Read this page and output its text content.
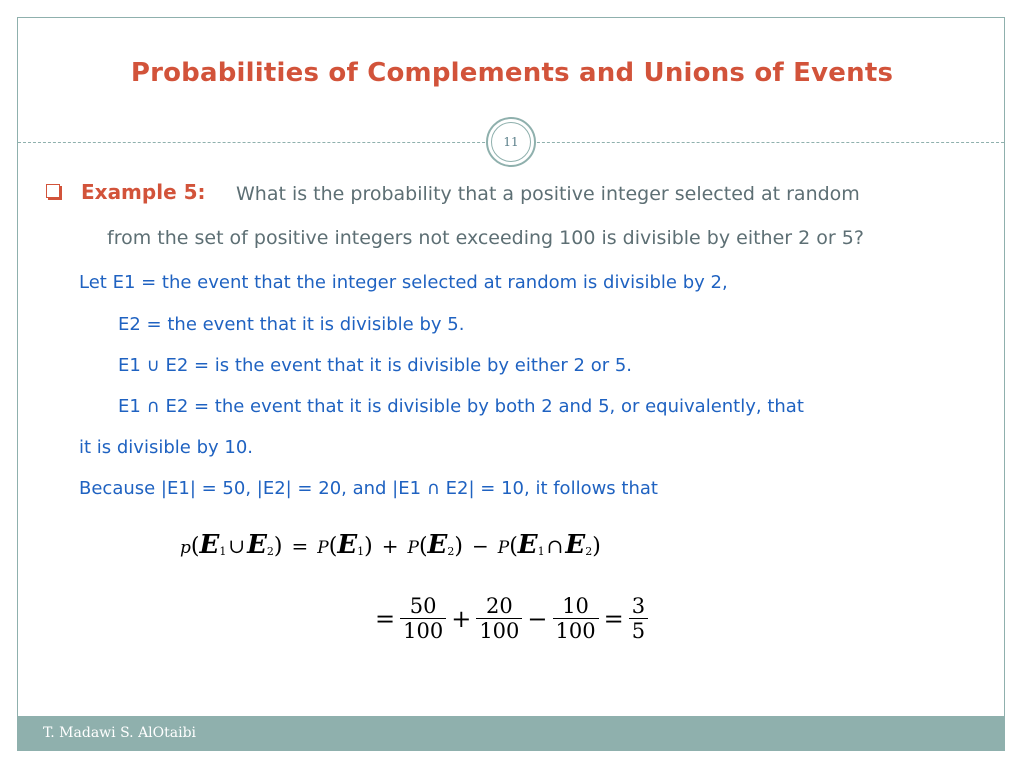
Probabilities of Complements and Unions of Events
11
Example 5: What is the probability that a positive integer selected at random
from the set of positive integers not exceeding 100 is divisible by either 2 or 5?
Let E1 = the event that the integer selected at random is divisible by 2,
E2 = the event that it is divisible by 5.
E1 ∪ E2 = is the event that it is divisible by either 2 or 5.
E1 ∩ E2 = the event that it is divisible by both 2 and 5, or equivalently, that
it is divisible by 10.
Because |E1| = 50, |E2| = 20, and |E1 ∩ E2| = 10, it follows that
p(E1 ∪E2) = P(E1) + P(E2) − P(E1 ∩E2)
= $\frac{50}{100} + \frac{20}{100} - \frac{10}{100} = \frac{3}{5}$
T. Madawi S. AlOtaibi
